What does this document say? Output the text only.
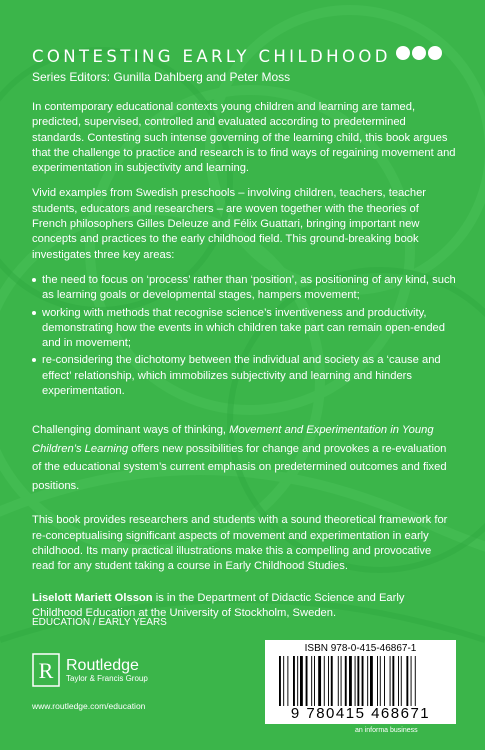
CONTESTING EARLY CHILDHOOD
Series Editors: Gunilla Dahlberg and Peter Moss

In contemporary educational contexts young children and learning are tamed, predicted, supervised, controlled and evaluated according to predetermined standards. Contesting such intense governing of the learning child, this book argues that the challenge to practice and research is to find ways of regaining movement and experimentation in subjectivity and learning.

Vivid examples from Swedish preschools – involving children, teachers, teacher students, educators and researchers – are woven together with the theories of French philosophers Gilles Deleuze and Félix Guattari, bringing important new concepts and practices to the early childhood field. This ground-breaking book investigates three key areas:

the need to focus on ‘process’ rather than ‘position’, as positioning of any kind, such as learning goals or developmental stages, hampers movement;
working with methods that recognise science’s inventiveness and productivity, demonstrating how the events in which children take part can remain open-ended and in movement;
re-considering the dichotomy between the individual and society as a ‘cause and effect’ relationship, which immobilizes subjectivity and learning and hinders experimentation.

Challenging dominant ways of thinking, Movement and Experimentation in Young Children’s Learning offers new possibilities for change and provokes a re-evaluation of the educational system’s current emphasis on predetermined outcomes and fixed positions.

This book provides researchers and students with a sound theoretical framework for re-conceptualising significant aspects of movement and experimentation in early childhood. Its many practical illustrations make this a compelling and provocative read for any student taking a course in Early Childhood Studies.

Liselott Mariett Olsson is in the Department of Didactic Science and Early Childhood Education at the University of Stockholm, Sweden.

EDUCATION / EARLY YEARS
R Routledge
Taylor & Francis Group
www.routledge.com/education
ISBN 978-0-415-46867-1
9 780415 468671
an informa business
